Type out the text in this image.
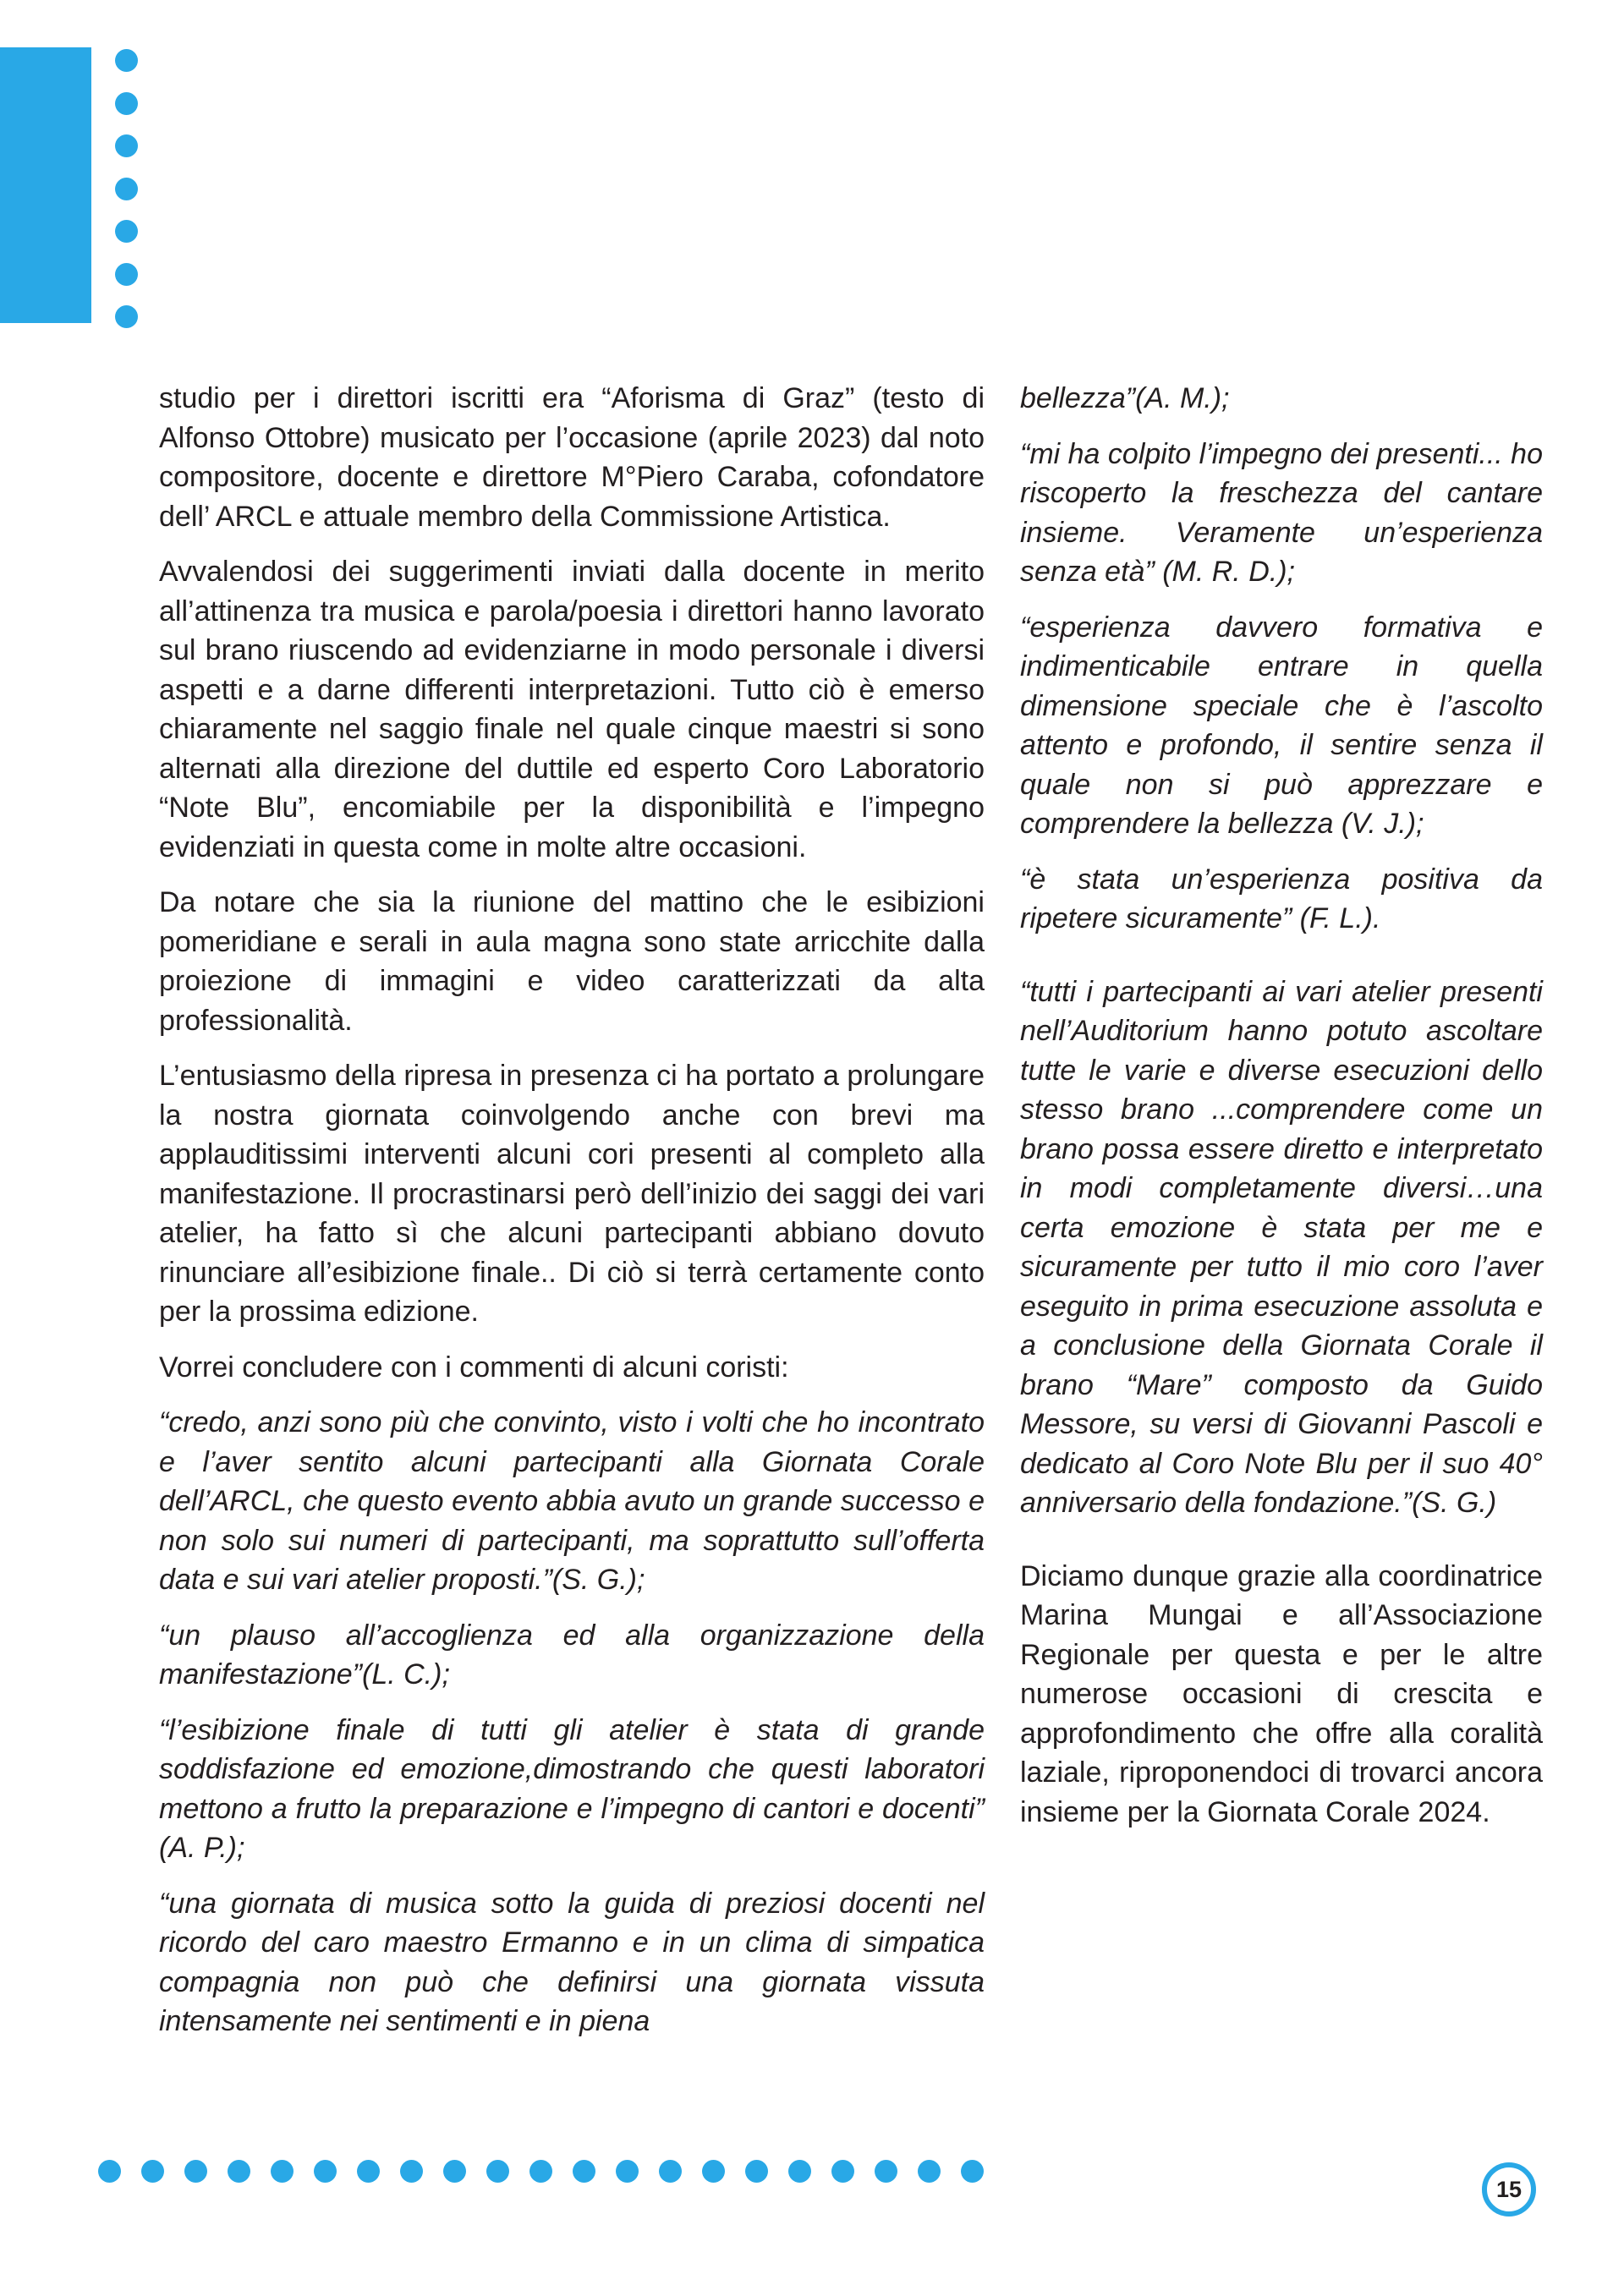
studio per i direttori iscritti era “Aforisma di Graz” (testo di Alfonso Ottobre) musicato per l’occasione (aprile 2023) dal noto compositore, docente e direttore M°Piero Caraba, cofondatore dell’ ARCL e attuale membro della Commissione Artistica.

Avvalendosi dei suggerimenti inviati dalla docente in merito all’attinenza tra musica e parola/poesia i direttori hanno lavorato sul brano riuscendo ad evidenziarne in modo personale i diversi aspetti e a darne differenti interpretazioni. Tutto ciò è emerso chiaramente nel saggio finale nel quale cinque maestri si sono alternati alla direzione del duttile ed esperto Coro Laboratorio “Note Blu”, encomiabile per la disponibilità e l’impegno evidenziati in questa come in molte altre occasioni.

Da notare che sia la riunione del mattino che le esibizioni pomeridiane e serali in aula magna sono state arricchite dalla proiezione di immagini e video caratterizzati da alta professionalità.

L’entusiasmo della ripresa in presenza ci ha portato a prolungare la nostra giornata coinvolgendo anche con brevi ma applauditissimi interventi alcuni cori presenti al completo alla manifestazione. Il procrastinarsi però dell’inizio dei saggi dei vari atelier, ha fatto sì che alcuni partecipanti abbiano dovuto rinunciare all’esibizione finale.. Di ciò si terrà certamente conto per la prossima edizione.

Vorrei concludere con i commenti di alcuni coristi:

“credo, anzi sono più che convinto, visto i volti che ho incontrato e l’aver sentito alcuni partecipanti alla Giornata Corale dell’ARCL, che questo evento abbia avuto un grande successo e non solo sui numeri di partecipanti, ma soprattutto sull’offerta data e sui vari atelier proposti.”(S. G.);

“un plauso all’accoglienza ed alla organizzazione della manifestazione”(L. C.);

“l’esibizione finale di tutti gli atelier è stata di grande soddisfazione ed emozione,dimostrando che questi laboratori mettono a frutto la preparazione e l’impegno di cantori e docenti” (A. P.);

“una giornata di musica sotto la guida di preziosi docenti nel ricordo del caro maestro Ermanno e in un clima di simpatica compagnia non può che definirsi una giornata vissuta intensamente nei sentimenti e in piena

bellezza”(A. M.);

“mi ha colpito l’impegno dei presenti... ho riscoperto la freschezza del cantare insieme. Veramente un’esperienza senza età” (M. R. D.);

“esperienza davvero formativa e indimenticabile entrare in quella dimensione speciale che è l’ascolto attento e profondo, il sentire senza il quale non si può apprezzare e comprendere la bellezza (V. J.);

“è stata un’esperienza positiva da ripetere sicuramente” (F. L.).

“tutti i partecipanti ai vari atelier presenti nell’Auditorium hanno potuto ascoltare tutte le varie e diverse esecuzioni dello stesso brano ...comprendere come un brano possa essere diretto e interpretato in modi completamente diversi…una certa emozione è stata per me e sicuramente per tutto il mio coro l’aver eseguito in prima esecuzione assoluta e a conclusione della Giornata Corale il brano “Mare” composto da Guido Messore, su versi di Giovanni Pascoli e dedicato al Coro Note Blu per il suo 40° anniversario della fondazione.”(S. G.)

Diciamo dunque grazie alla coordinatrice Marina Mungai e all’Associazione Regionale per questa e per le altre numerose occasioni di crescita e approfondimento che offre alla coralità laziale, riproponendoci di trovarci ancora insieme per la Giornata Corale 2024.

15
